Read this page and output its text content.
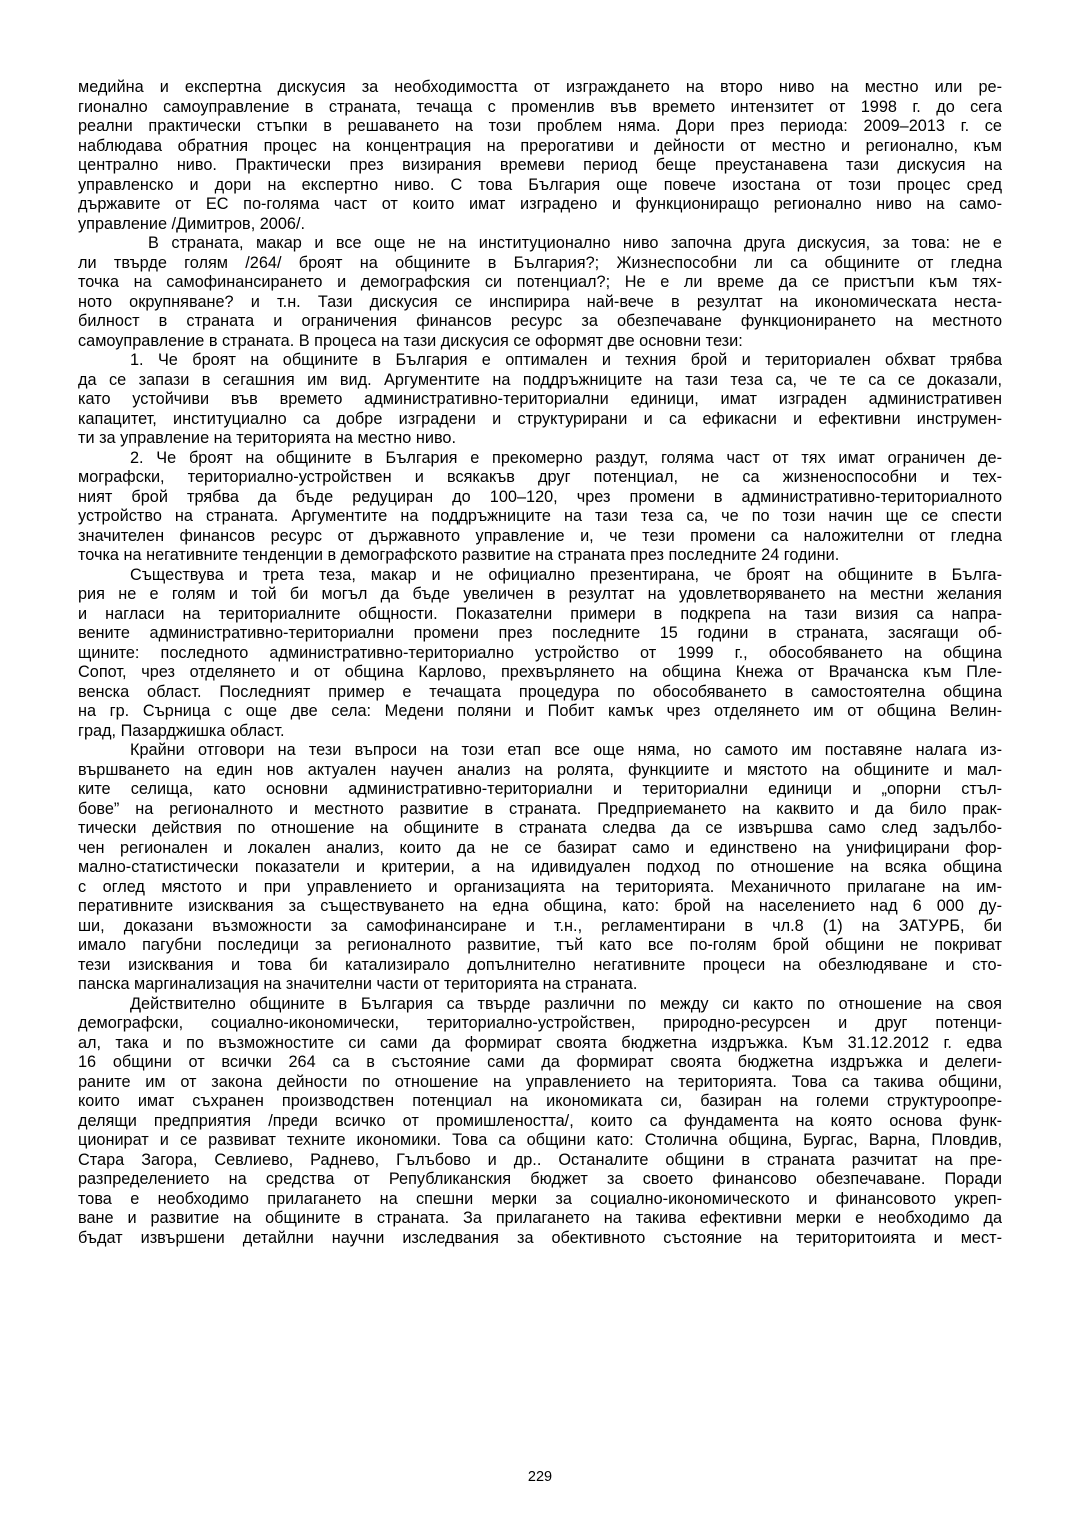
медийна и експертна дискусия за необходимостта от изграждането на второ ниво на местно или ре-
гионално самоуправление в страната, течаща с променлив във времето интензитет от 1998 г. до сега
реални практически стъпки в решаването на този проблем няма. Дори през периода: 2009–2013 г. се
наблюдава обратния процес на концентрация на прерогативи и дейности от местно и регионално, към
централно ниво. Практически през визирания времеви период беще преустанавена тази дискусия на
управленско и дори на експертно ниво. С това България още повече изостана от този процес сред
държавите от ЕС по-голяма част от които имат изградено и функциониращо регионално ниво на само-
управление /Димитров, 2006/.
В страната, макар и все още не на институционално ниво започна друга дискусия, за това: не е
ли твърде голям /264/ броят на общините в България?; Жизнеспособни ли са общините от гледна
точка на самофинансирането и демографския си потенциал?; Не е ли време да се пристъпи към тях-
ното окрупняване? и т.н. Тази дискусия се инспирира най-вече в резултат на икономическата неста-
билност в страната и ограничения финансов ресурс за обезпечаване функционирането на местното
самоуправление в страната. В процеса на тази дискусия се оформят две основни тези:
1. Че броят на общините в България е оптимален и техния брой и териториален обхват трябва
да се запази в сегашния им вид. Аргументите на поддръжниците на тази теза са, че те са се доказали,
като устойчиви във времето административно-териториални единици, имат изграден административен
капацитет, институциално са добре изградени и структурирани и са ефикасни и ефективни инструмен-
ти за управление на територията на местно ниво.
2. Че броят на общините в България е прекомерно раздут, голяма част от тях имат ограничен де-
мографски, териториално-устройствен и всякакъв друг потенциал, не са жизненоспособни и тех-
ният брой трябва да бъде редуциран до 100–120, чрез промени в административно-териториалното
устройство на страната. Аргументите на поддръжниците на тази теза са, че по този начин ще се спести
значителен финансов ресурс от държавното управление и, че тези промени са наложителни от гледна
точка на негативните тенденции в демографското развитие на страната през последните 24 години.
Съществува и трета теза, макар и не официално презентирана, че броят на общините в Бълга-
рия не е голям и той би могъл да бъде увеличен в резултат на удовлетворяването на местни желания
и нагласи на териториалните общности. Показателни примери в подкрепа на тази визия са напра-
вените административно-териториални промени през последните 15 години в страната, засягащи об-
щините: последното административно-териториално устройство от 1999 г., обособяването на община
Сопот, чрез отделянето и от община Карлово, прехвърлянето на община Кнежа от Врачанска към Пле-
венска област. Последният пример е течащата процедура по обособяването в самостоятелна община
на гр. Сърница с още две села: Медени поляни и Побит камък чрез отделянето им от община Велин-
град, Пазарджишка област.
Крайни отговори на тези въпроси на този етап все още няма, но самото им поставяне налага из-
вършването на един нов актуален научен анализ на ролята, функциите и мястото на общините и мал-
ките селища, като основни административно-териториални и териториални единици и „опорни стъл-
бове” на регионалното и местното развитие в страната. Предприемането на каквито и да било прак-
тически действия по отношение на общините в страната следва да се извършва само след задълбо-
чен регионален и локален анализ, които да не се базират само и единствено на унифицирани фор-
мално-статистически показатели и критерии, а на идивидуален подход по отношение на всяка община
с оглед мястото и при управлението и организацията на територията. Механичното прилагане на им-
перативните изисквания за съществуването на една община, като: брой на населението над 6 000 ду-
ши, доказани възможности за самофинансиране и т.н., регламентирани в чл.8 (1) на ЗАТУРБ, би
имало пагубни последици за регионалното развитие, тъй като все по-голям брой общини не покриват
тези изисквания и това би катализирало допълнително негативните процеси на обезлюдяване и сто-
панска маргинализация на значителни части от територията на страната.
Действително общините в България са твърде различни по между си както по отношение на своя
демографски, социално-икономически, териториално-устройствен, природно-ресурсен и друг потенци-
ал, така и по възможностите си сами да формират своята бюджетна издръжка. Към 31.12.2012 г. едва
16 общини от всички 264 са в състояние сами да формират своята бюджетна издръжка и делеги-
раните им от закона дейности по отношение на управлението на територията. Това са такива общини,
които имат съхранен производствен потенциал на икономиката си, базиран на големи структуроопре-
делящи предприятия /преди всичко от промишлеността/, които са фундамента на която основа функ-
ционират и се развиват техните икономики. Това са общини като: Столична община, Бургас, Варна, Пловдив,
Стара Загора, Севлиево, Раднево, Гълъбово и др.. Останалите общини в страната разчитат на пре-
разпределението на средства от Републиканския бюджет за своето финансово обезпечаване. Поради
това е необходимо прилагането на спешни мерки за социално-икономическото и финансовото укреп-
ване и развитие на общините в страната. За прилагането на такива ефективни мерки е необходимо да
бъдат извършени детайлни научни изследвания за обективното състояние на територитоията и мест-
229
